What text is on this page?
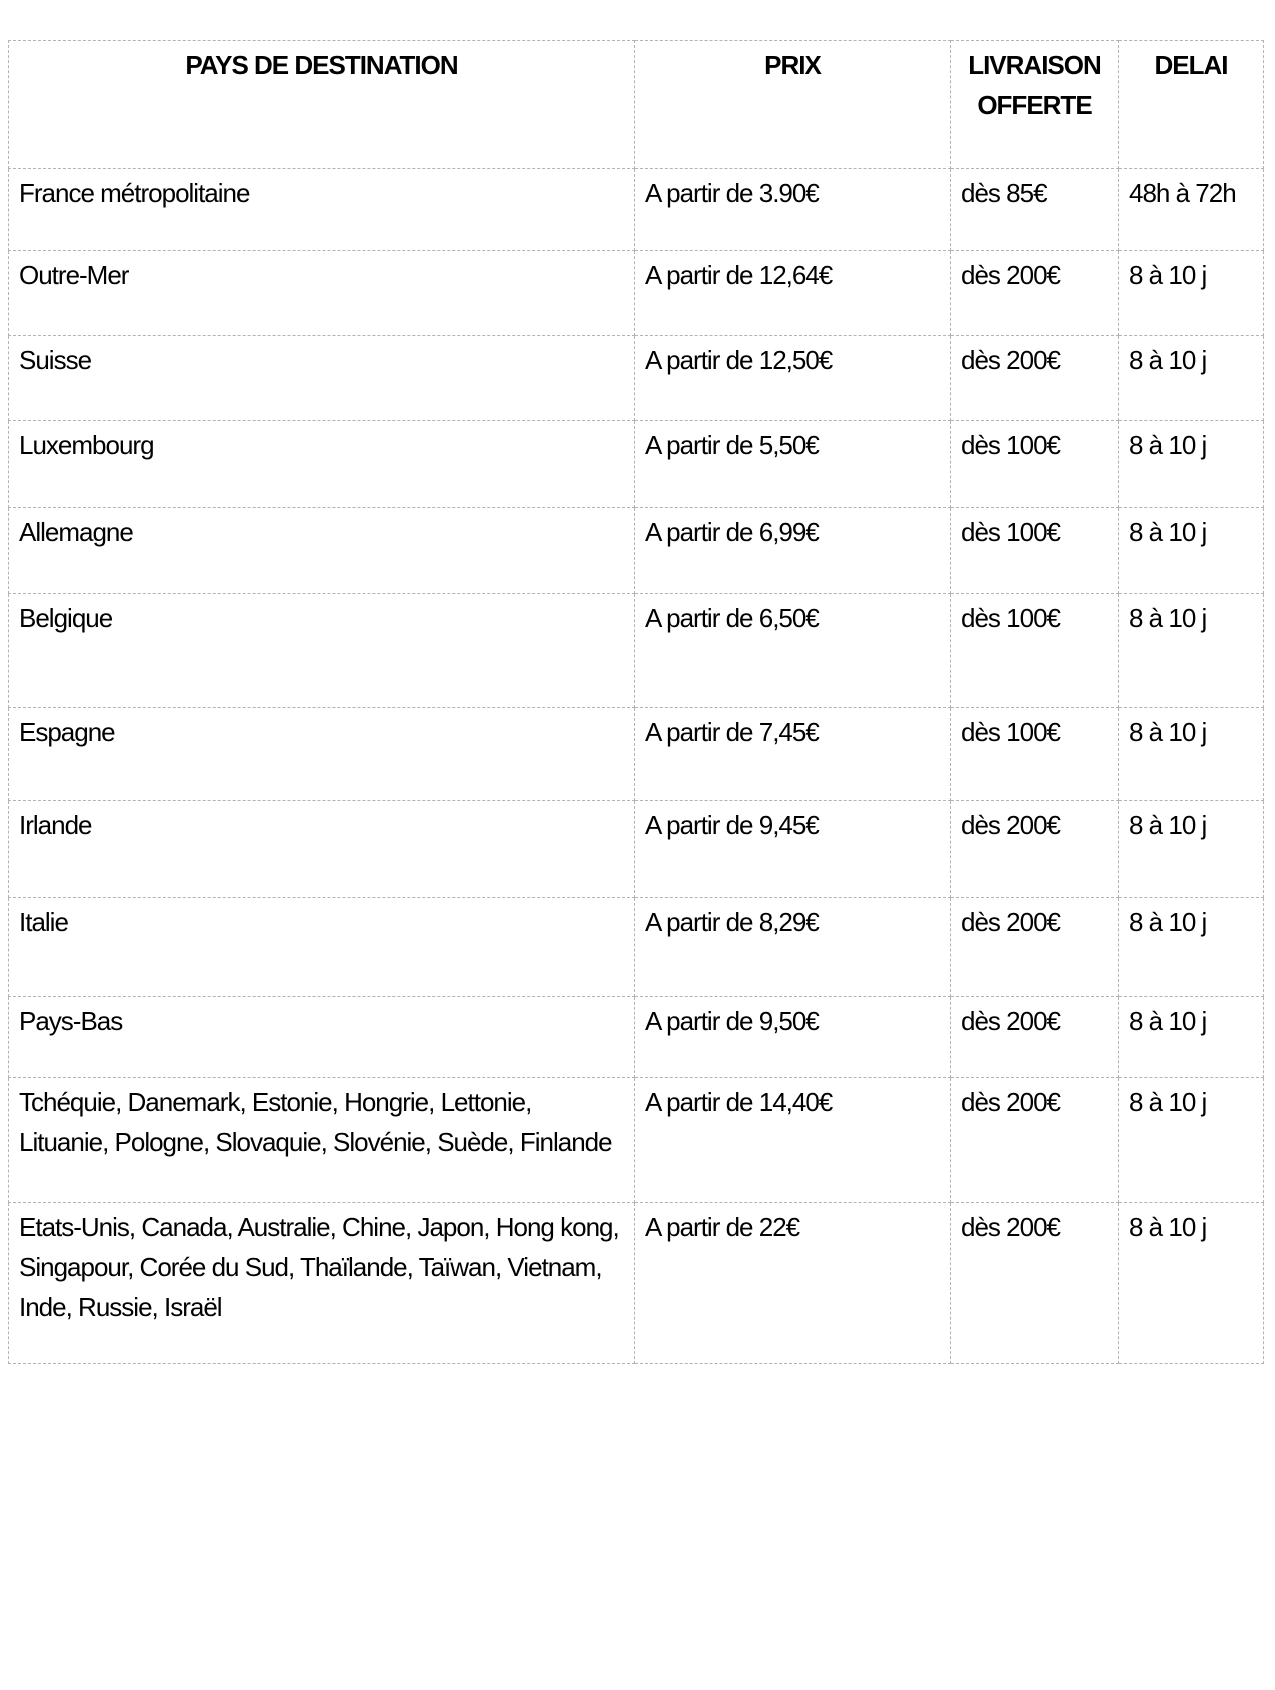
PAYS DE DESTINATION	PRIX	LIVRAISON OFFERTE	DELAI
France métropolitaine	A partir de 3.90€	dès 85€	48h à 72h
Outre-Mer	A partir de 12,64€	dès 200€	8 à 10 j
Suisse	A partir de 12,50€	dès 200€	8 à 10 j
Luxembourg	A partir de 5,50€	dès 100€	8 à 10 j
Allemagne	A partir de 6,99€	dès 100€	8 à 10 j
Belgique	A partir de 6,50€	dès 100€	8 à 10 j
Espagne	A partir de 7,45€	dès 100€	8 à 10 j
Irlande	A partir de 9,45€	dès 200€	8 à 10 j
Italie	A partir de 8,29€	dès 200€	8 à 10 j
Pays-Bas	A partir de 9,50€	dès 200€	8 à 10 j
Tchéquie, Danemark, Estonie, Hongrie, Lettonie, Lituanie, Pologne, Slovaquie, Slovénie, Suède, Finlande	A partir de 14,40€	dès 200€	8 à 10 j
Etats-Unis, Canada, Australie, Chine, Japon, Hong kong, Singapour, Corée du Sud, Thaïlande, Taïwan, Vietnam, Inde, Russie, Israël	A partir de 22€	dès 200€	8 à 10 j
